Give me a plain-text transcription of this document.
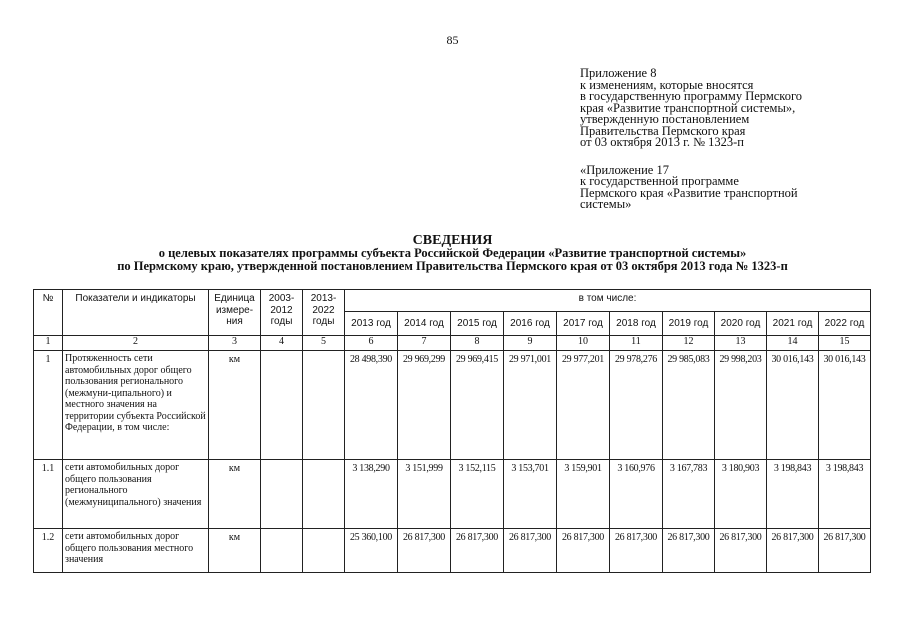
85
Приложение 8
к изменениям, которые вносятся
в государственную программу Пермского
края «Развитие транспортной системы»,
утвержденную постановлением
Правительства Пермского края
от 03 октября 2013 г. № 1323-п
«Приложение 17
к государственной программе
Пермского края «Развитие транспортной
системы»
СВЕДЕНИЯ
о целевых показателях программы субъекта Российской Федерации «Развитие транспортной системы»
по Пермскому краю, утвержденной постановлением Правительства Пермского края от 03 октября 2013 года № 1323-п
№	Показатели и индикаторы	Единица измере-ния	2003-2012 годы	2013-2022 годы	в том числе:									
					2013 год	2014 год	2015 год	2016 год	2017 год	2018 год	2019 год	2020 год	2021 год	2022 год
1	2	3	4	5	6	7	8	9	10	11	12	13	14	15
1	Протяженность сети автомобильных дорог общего пользования регионального (межмуни-ципального) и местного значения на территории субъекта Российской Федерации, в том числе:	км			28 498,390	29 969,299	29 969,415	29 971,001	29 977,201	29 978,276	29 985,083	29 998,203	30 016,143	30 016,143
1.1	сети автомобильных дорог общего пользования регионального (межмуниципального) значения	км			3 138,290	3 151,999	3 152,115	3 153,701	3 159,901	3 160,976	3 167,783	3 180,903	3 198,843	3 198,843
1.2	сети автомобильных дорог общего пользования местного значения	км			25 360,100	26 817,300	26 817,300	26 817,300	26 817,300	26 817,300	26 817,300	26 817,300	26 817,300	26 817,300
